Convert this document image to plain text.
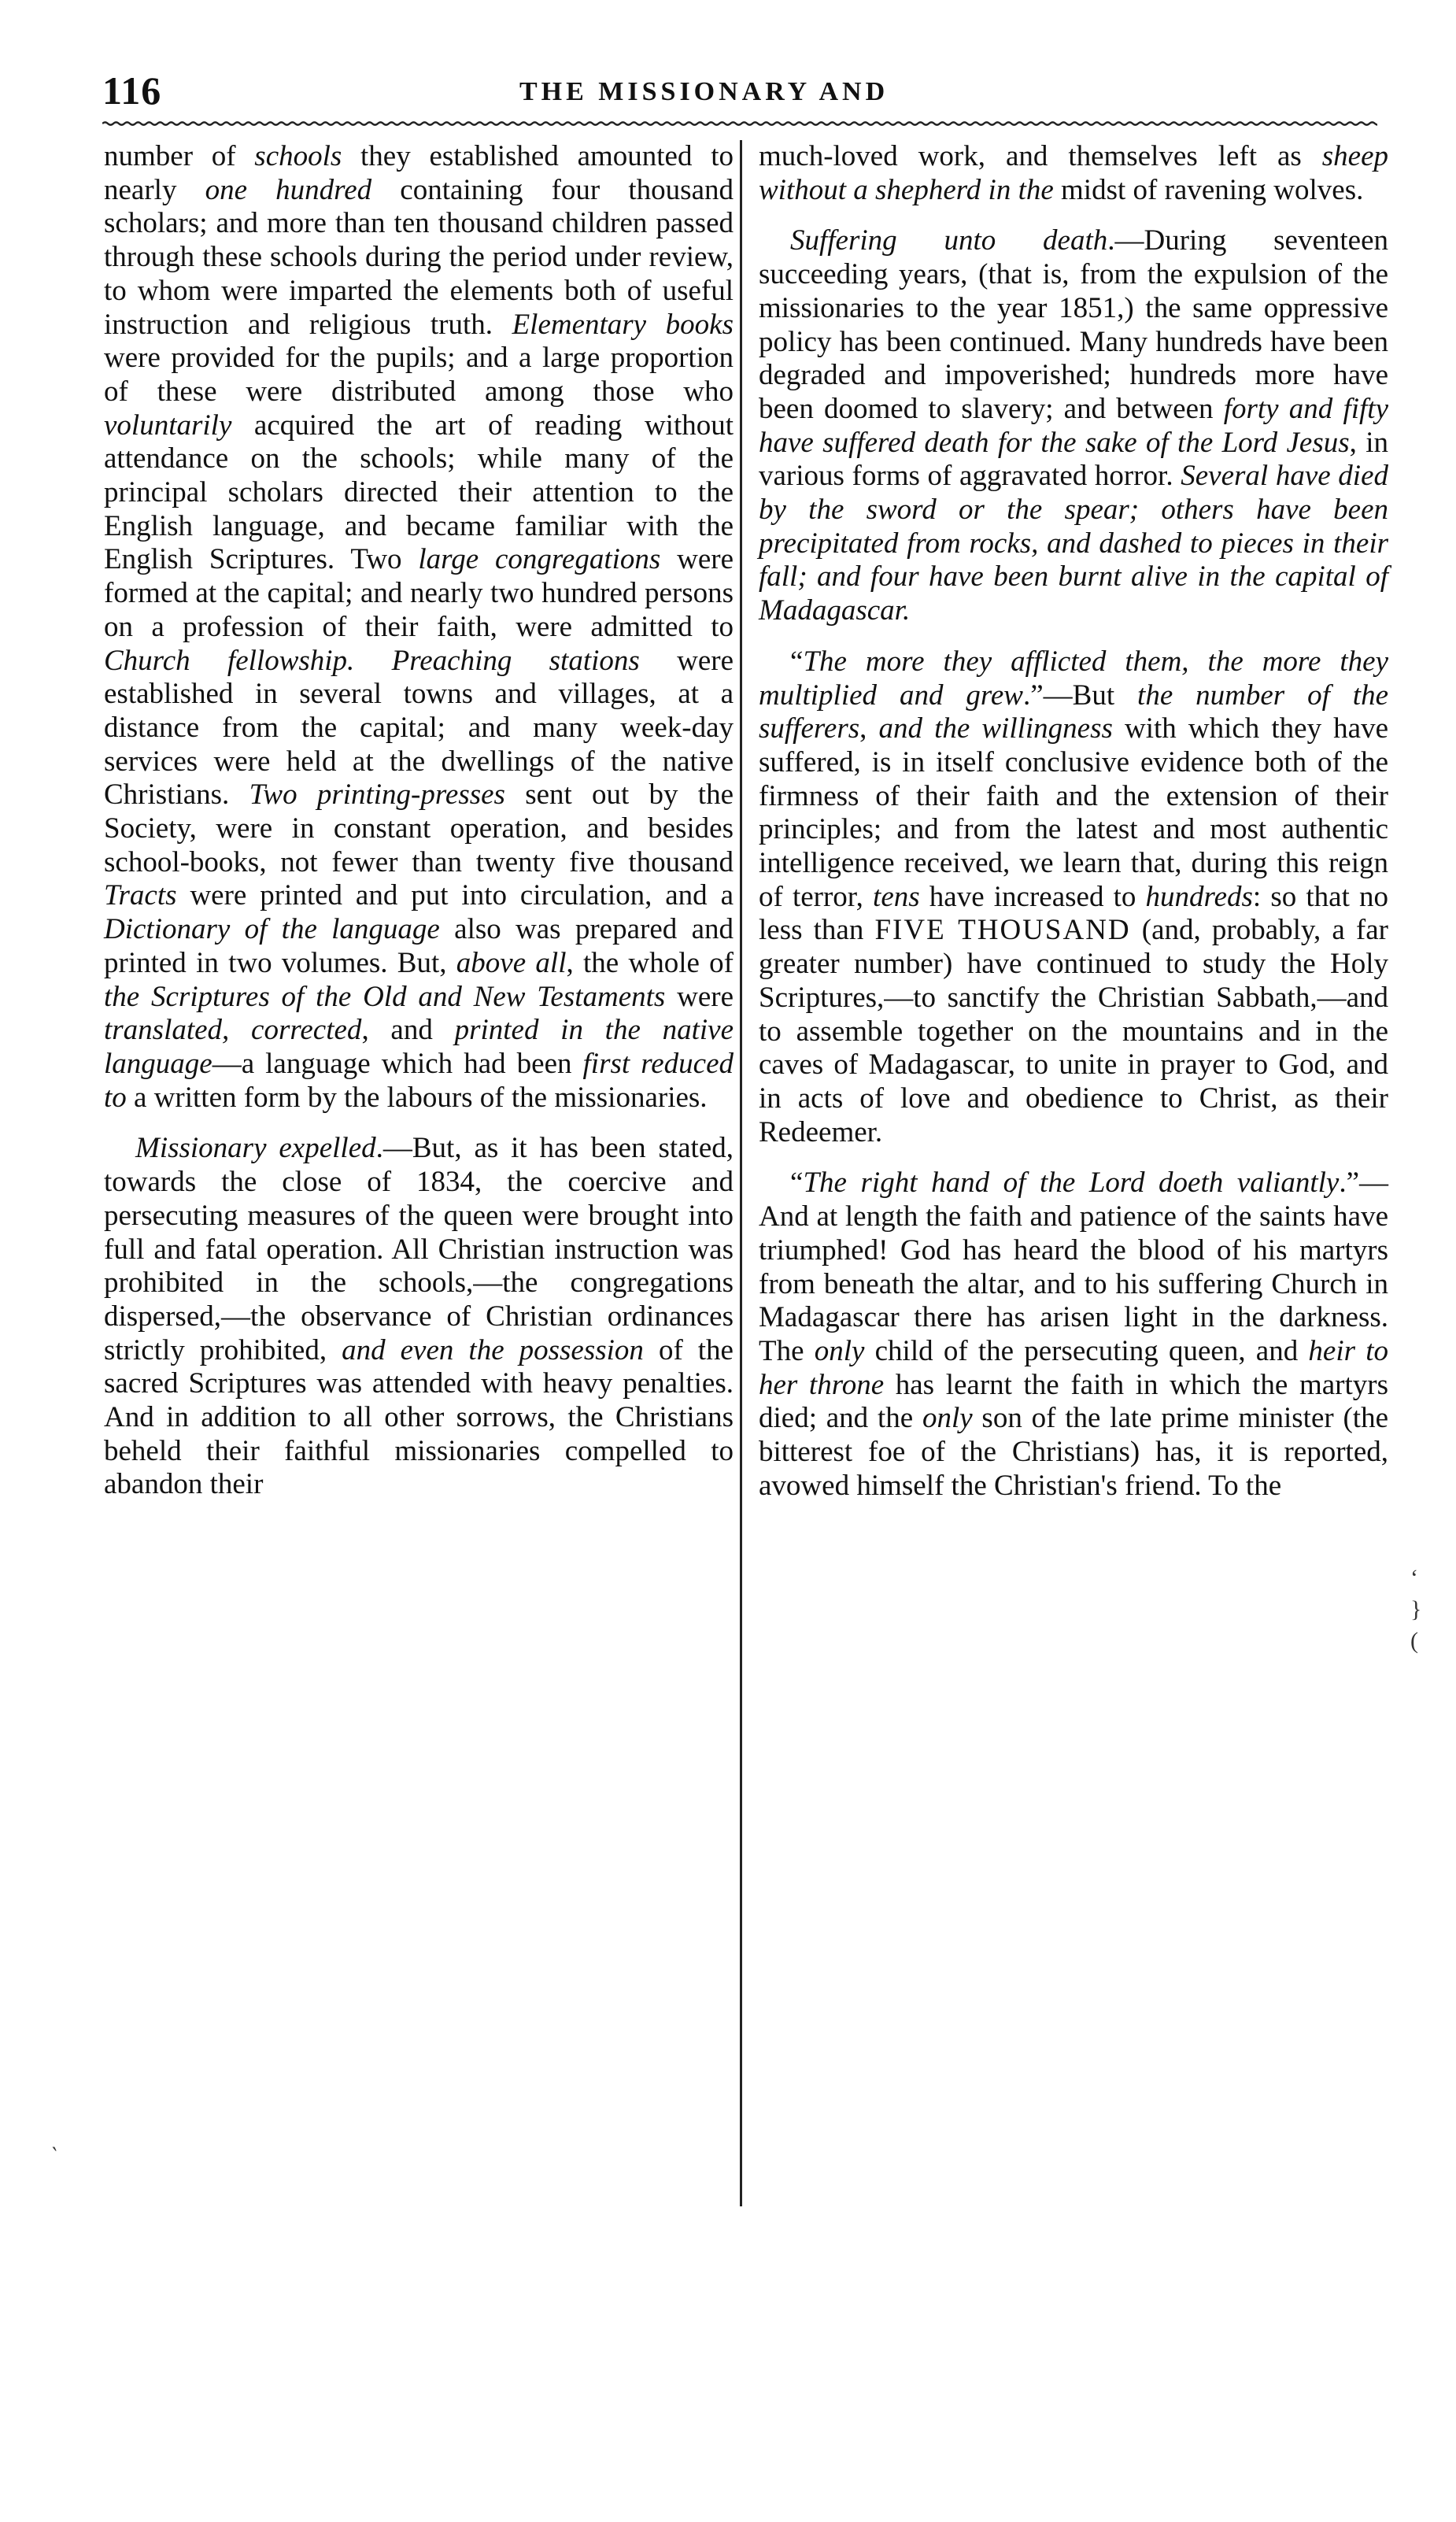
116	THE MISSIONARY AND

number of schools they established amounted to nearly one hundred containing four thousand scholars; and more than ten thousand children passed through these schools during the period under review, to whom were imparted the elements both of useful instruction and religious truth. Elementary books were provided for the pupils; and a large proportion of these were distributed among those who voluntarily acquired the art of reading without attendance on the schools; while many of the principal scholars directed their attention to the English language, and became familiar with the English Scriptures. Two large congregations were formed at the capital; and nearly two hundred persons on a profession of their faith, were admitted to Church fellowship. Preaching stations were established in several towns and villages, at a distance from the capital; and many week-day services were held at the dwellings of the native Christians. Two printing-presses sent out by the Society, were in constant operation, and besides school-books, not fewer than twenty five thousand Tracts were printed and put into circulation, and a Dictionary of the language also was prepared and printed in two volumes. But, above all, the whole of the Scriptures of the Old and New Testaments were translated, corrected, and printed in the native language—a language which had been first reduced to a written form by the labours of the missionaries.

Missionary expelled.—But, as it has been stated, towards the close of 1834, the coercive and persecuting measures of the queen were brought into full and fatal operation. All Christian instruction was prohibited in the schools,—the congregations dispersed,—the observance of Christian ordinances strictly prohibited, and even the possession of the sacred Scriptures was attended with heavy penalties. And in addition to all other sorrows, the Christians beheld their faithful missionaries compelled to abandon their

much-loved work, and themselves left as sheep without a shepherd in the midst of ravening wolves.

Suffering unto death.—During seventeen succeeding years, (that is, from the expulsion of the missionaries to the year 1851,) the same oppressive policy has been continued. Many hundreds have been degraded and impoverished; hundreds more have been doomed to slavery; and between forty and fifty have suffered death for the sake of the Lord Jesus, in various forms of aggravated horror. Several have died by the sword or the spear; others have been precipitated from rocks, and dashed to pieces in their fall; and four have been burnt alive in the capital of Madagascar.

“The more they afflicted them, the more they multiplied and grew.”—But the number of the sufferers, and the willingness with which they have suffered, is in itself conclusive evidence both of the firmness of their faith and the extension of their principles; and from the latest and most authentic intelligence received, we learn that, during this reign of terror, tens have increased to hundreds: so that no less than FIVE THOUSAND (and, probably, a far greater number) have continued to study the Holy Scriptures,—to sanctify the Christian Sabbath,—and to assemble together on the mountains and in the caves of Madagascar, to unite in prayer to God, and in acts of love and obedience to Christ, as their Redeemer.

“The right hand of the Lord doeth valiantly.”—And at length the faith and patience of the saints have triumphed! God has heard the blood of his martyrs from beneath the altar, and to his suffering Church in Madagascar there has arisen light in the darkness. The only child of the persecuting queen, and heir to her throne has learnt the faith in which the martyrs died; and the only son of the late prime minister (the bitterest foe of the Christians) has, it is reported, avowed himself the Christian's friend. To the

‘
}
(
‵
